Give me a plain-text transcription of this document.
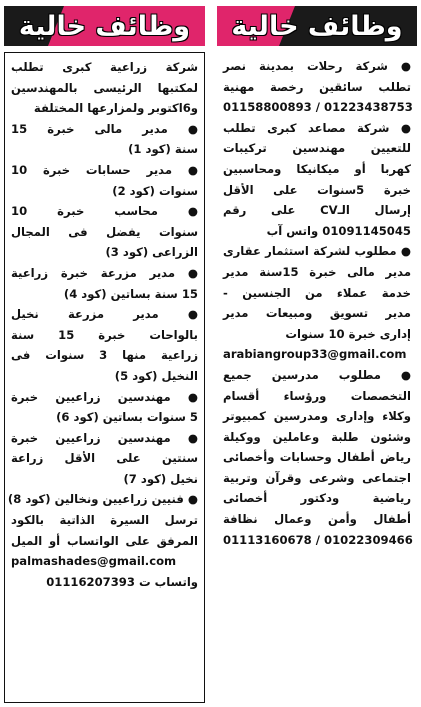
وظائف خالية
● شركة رحلات بمدينة نصر
تطلب سائقين رخصة مهنية
01158800893 / 01223438753
● شركة مصاعد كبرى تطلب
للتعيين مهندسين تركيبات
كهربا أو ميكانيكا ومحاسبين
خبرة 5سنوات على الأقل
إرسال الـCV على رقم
01091145045 واتس آب
● مطلوب لشركة استثمار عقارى
مدير مالى خبرة 15سنة مدير
خدمة عملاء من الجنسين -
مدير تسويق ومبيعات مدير
إدارى خبرة 10 سنوات
arabiangroup33@gmail.com
● مطلوب مدرسين جميع
التخصصات ورؤساء أقسام
وكلاء وإدارى ومدرسين كمبيوتر
وشئون طلبة وعاملين ووكيلة
رياض أطفال وحسابات وأخصائى
اجتماعى وشرعى وقرآن وتربية
رياضية ودكتور أخصائى
أطفال وأمن وعمال نظافة
01113160678 / 01022309466
وظائف خالية
شركة زراعية كبرى تطلب
لمكتبها الرئيسى بالمهندسين
و6اكتوبر ولمزارعها المختلفة
● مدير مالى خبرة 15
سنة (كود 1)
● مدير حسابات خبرة 10
سنوات (كود 2)
● محاسب خبرة 10
سنوات يفضل فى المجال
الزراعى (كود 3)
● مدير مزرعة خبرة زراعية
15 سنة بساتين (كود 4)
● مدير مزرعة نخيل
بالواحات خبرة 15 سنة
زراعية منها 3 سنوات فى
النخيل (كود 5)
● مهندسين زراعيين خبرة
5 سنوات بساتين (كود 6)
● مهندسين زراعيين خبرة
سنتين على الأقل زراعة
نخيل (كود 7)
● فنيين زراعيين ونخالين (كود 8)
ترسل السيرة الذاتية بالكود
المرفق على الواتساب أو الميل
palmashades@gmail.com
واتساب ت 01116207393
